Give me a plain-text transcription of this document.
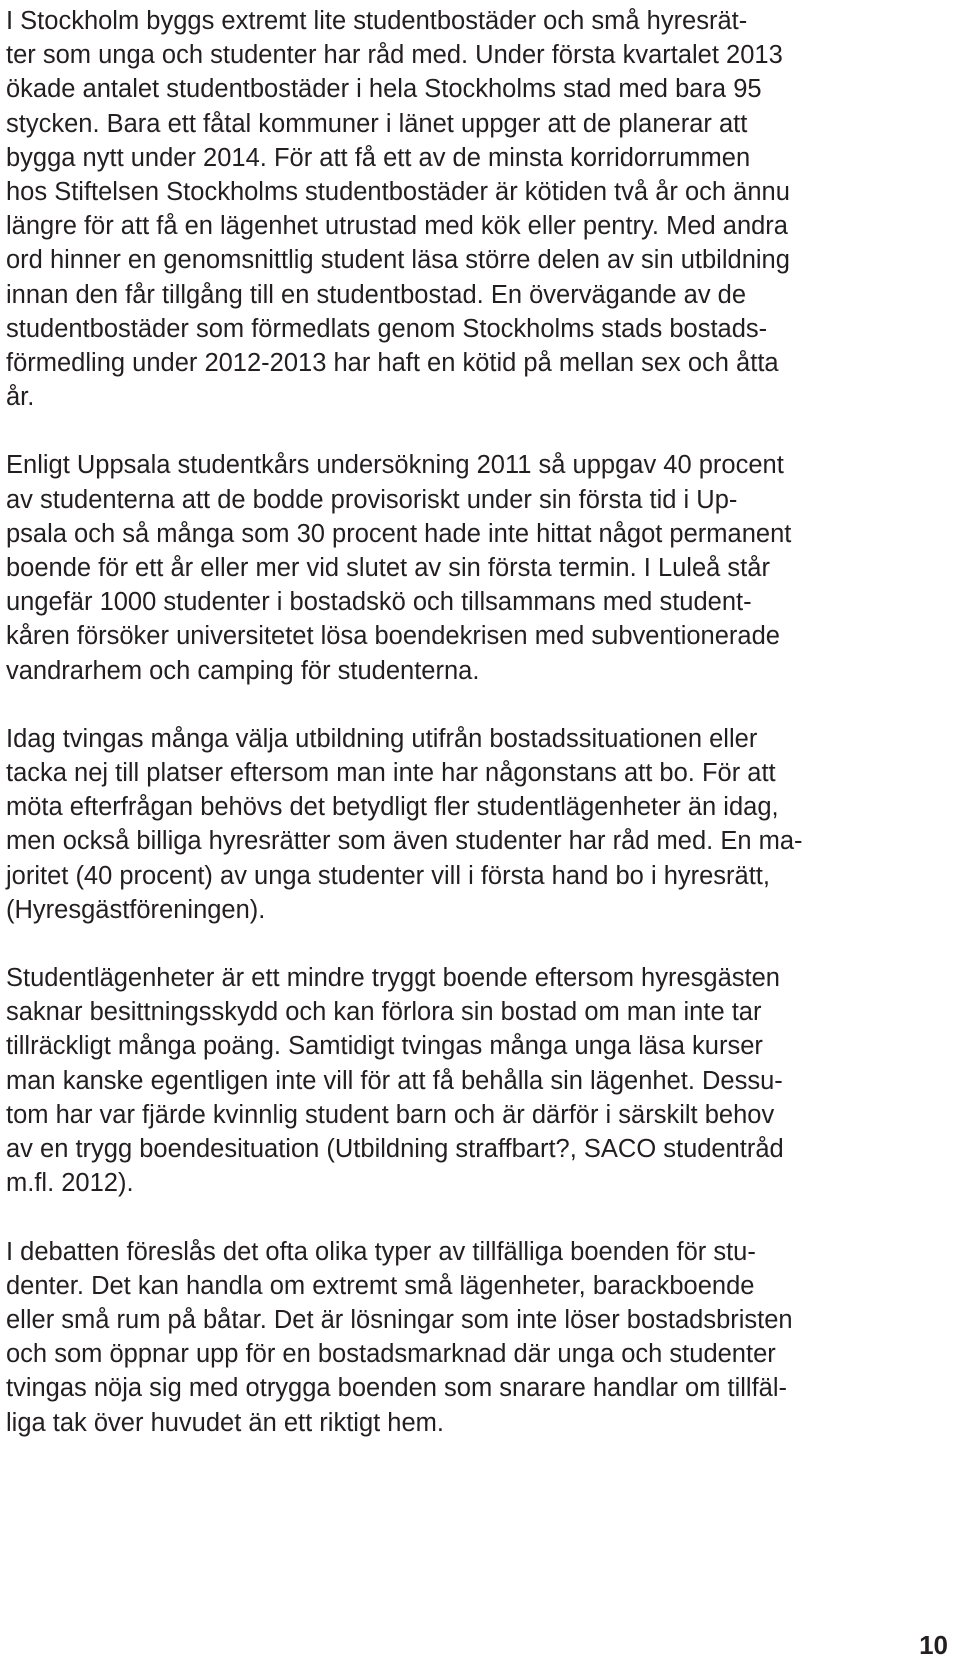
I Stockholm byggs extremt lite studentbostäder och små hyresrät-
ter som unga och studenter har råd med. Under första kvartalet 2013
ökade antalet studentbostäder i hela Stockholms stad med bara 95
stycken. Bara ett fåtal kommuner i länet uppger att de planerar att
bygga nytt under 2014. För att få ett av de minsta korridorrummen
hos Stiftelsen Stockholms studentbostäder är kötiden två år och ännu
längre för att få en lägenhet utrustad med kök eller pentry. Med andra
ord hinner en genomsnittlig student läsa större delen av sin utbildning
innan den får tillgång till en studentbostad. En övervägande av de
studentbostäder som förmedlats genom Stockholms stads bostads-
förmedling under 2012-2013 har haft en kötid på mellan sex och åtta
år.
Enligt Uppsala studentkårs undersökning 2011 så uppgav 40 procent
av studenterna att de bodde provisoriskt under sin första tid i Up-
psala och så många som 30 procent hade inte hittat något permanent
boende för ett år eller mer vid slutet av sin första termin. I Luleå står
ungefär 1000 studenter i bostadskö och tillsammans med student-
kåren försöker universitetet lösa boendekrisen med subventionerade
vandrarhem och camping för studenterna.
Idag tvingas många välja utbildning utifrån bostadssituationen eller
tacka nej till platser eftersom man inte har någonstans att bo. För att
möta efterfrågan behövs det betydligt fler studentlägenheter än idag,
men också billiga hyresrätter som även studenter har råd med. En ma-
joritet (40 procent) av unga studenter vill i första hand bo i hyresrätt,
(Hyresgästföreningen).
Studentlägenheter är ett mindre tryggt boende eftersom hyresgästen
saknar besittningsskydd och kan förlora sin bostad om man inte tar
tillräckligt många poäng. Samtidigt tvingas många unga läsa kurser
man kanske egentligen inte vill för att få behålla sin lägenhet. Dessu-
tom har var fjärde kvinnlig student barn och är därför i särskilt behov
av en trygg boendesituation (Utbildning straffbart?, SACO studentråd
m.fl. 2012).
I debatten föreslås det ofta olika typer av tillfälliga boenden för stu-
denter. Det kan handla om extremt små lägenheter, barackboende
eller små rum på båtar. Det är lösningar som inte löser bostadsbristen
och som öppnar upp för en bostadsmarknad där unga och studenter
tvingas nöja sig med otrygga boenden som snarare handlar om tillfäl-
liga tak över huvudet än ett riktigt hem.
10
